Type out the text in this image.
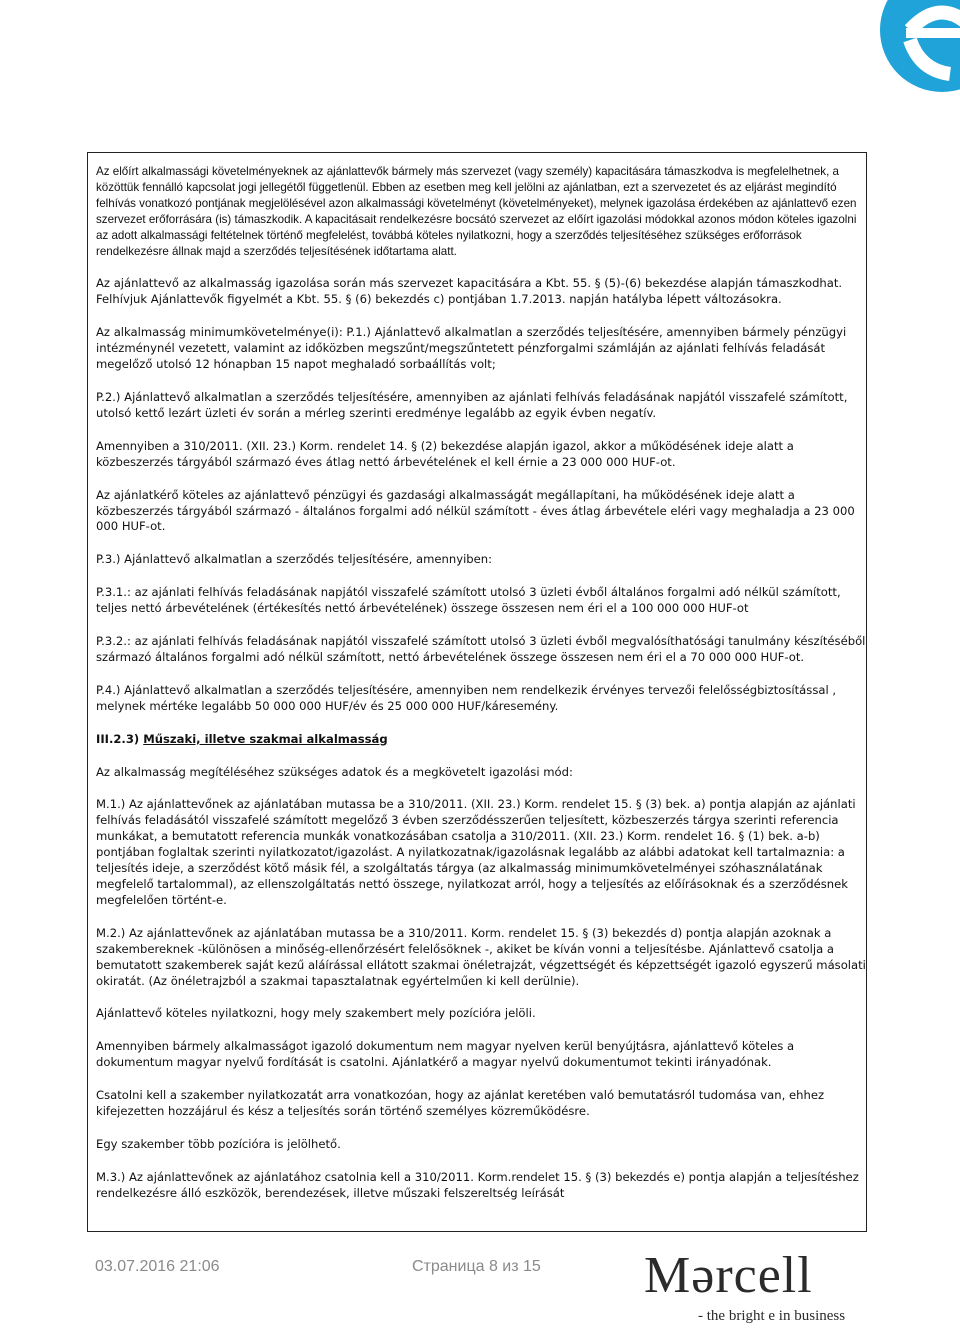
Az előírt alkalmassági követelményeknek az ajánlattevők bármely más szervezet (vagy személy) kapacitására támaszkodva is megfelelhetnek, a közöttük fennálló kapcsolat jogi jellegétől függetlenül. Ebben az esetben meg kell jelölni az ajánlatban, ezt a szervezetet és az eljárást megindító felhívás vonatkozó pontjának megjelölésével azon alkalmassági követelményt (követelményeket), melynek igazolása érdekében az ajánlattevő ezen szervezet erőforrására (is) támaszkodik. A kapacitásait rendelkezésre bocsátó szervezet az előírt igazolási módokkal azonos módon köteles igazolni az adott alkalmassági feltételnek történő megfelelést, továbbá köteles nyilatkozni, hogy a szerződés teljesítéséhez szükséges erőforrások rendelkezésre állnak majd a szerződés teljesítésének időtartama alatt.

Az ajánlattevő az alkalmasság igazolása során más szervezet kapacitására a Kbt. 55. § (5)-(6) bekezdése alapján támaszkodhat. Felhívjuk Ajánlattevők figyelmét a Kbt. 55. § (6) bekezdés c) pontjában 1.7.2013. napján hatályba lépett változásokra.

Az alkalmasság minimumkövetelménye(i): P.1.) Ajánlattevő alkalmatlan a szerződés teljesítésére, amennyiben bármely pénzügyi intézménynél vezetett, valamint az időközben megszűnt/megszűntetett pénzforgalmi számláján az ajánlati felhívás feladását megelőző utolsó 12 hónapban 15 napot meghaladó sorbaállítás volt;

P.2.) Ajánlattevő alkalmatlan a szerződés teljesítésére, amennyiben az ajánlati felhívás feladásának napjától visszafelé számított, utolsó kettő lezárt üzleti év során a mérleg szerinti eredménye legalább az egyik évben negatív.

Amennyiben a 310/2011. (XII. 23.) Korm. rendelet 14. § (2) bekezdése alapján igazol, akkor a működésének ideje alatt a közbeszerzés tárgyából származó éves átlag nettó árbevételének el kell érnie a 23 000 000 HUF-ot.

Az ajánlatkérő köteles az ajánlattevő pénzügyi és gazdasági alkalmasságát megállapítani, ha működésének ideje alatt a közbeszerzés tárgyából származó - általános forgalmi adó nélkül számított - éves átlag árbevétele eléri vagy meghaladja a 23 000 000 HUF-ot.

P.3.) Ajánlattevő alkalmatlan a szerződés teljesítésére, amennyiben:

P.3.1.: az ajánlati felhívás feladásának napjától visszafelé számított utolsó 3 üzleti évből általános forgalmi adó nélkül számított, teljes nettó árbevételének (értékesítés nettó árbevételének) összege összesen nem éri el a 100 000 000 HUF-ot

P.3.2.: az ajánlati felhívás feladásának napjától visszafelé számított utolsó 3 üzleti évből megvalósíthatósági tanulmány készítéséből származó általános forgalmi adó nélkül számított, nettó árbevételének összege összesen nem éri el a 70 000 000 HUF-ot.

P.4.) Ajánlattevő alkalmatlan a szerződés teljesítésére, amennyiben nem rendelkezik érvényes tervezői felelősségbiztosítással , melynek mértéke legalább 50 000 000 HUF/év és 25 000 000 HUF/káresemény.

III.2.3) Műszaki, illetve szakmai alkalmasság

Az alkalmasság megítéléséhez szükséges adatok és a megkövetelt igazolási mód:

M.1.) Az ajánlattevőnek az ajánlatában mutassa be a 310/2011. (XII. 23.) Korm. rendelet 15. § (3) bek. a) pontja alapján az ajánlati felhívás feladásától visszafelé számított megelőző 3 évben szerződésszerűen teljesített, közbeszerzés tárgya szerinti referencia munkákat, a bemutatott referencia munkák vonatkozásában csatolja a 310/2011. (XII. 23.) Korm. rendelet 16. § (1) bek. a-b) pontjában foglaltak szerinti nyilatkozatot/igazolást. A nyilatkozatnak/igazolásnak legalább az alábbi adatokat kell tartalmaznia: a teljesítés ideje, a szerződést kötő másik fél, a szolgáltatás tárgya (az alkalmasság minimumkövetelményei szóhasználatának megfelelő tartalommal), az ellenszolgáltatás nettó összege, nyilatkozat arról, hogy a teljesítés az előírásoknak és a szerződésnek megfelelően történt-e.

M.2.) Az ajánlattevőnek az ajánlatában mutassa be a 310/2011. Korm. rendelet 15. § (3) bekezdés d) pontja alapján azoknak a szakembereknek -különösen a minőség-ellenőrzésért felelősöknek -, akiket be kíván vonni a teljesítésbe. Ajánlattevő csatolja a bemutatott szakemberek saját kezű aláírással ellátott szakmai önéletrajzát, végzettségét és képzettségét igazoló egyszerű másolati okiratát. (Az önéletrajzból a szakmai tapasztalatnak egyértelműen ki kell derülnie).

Ajánlattevő köteles nyilatkozni, hogy mely szakembert mely pozícióra jelöli.

Amennyiben bármely alkalmasságot igazoló dokumentum nem magyar nyelven kerül benyújtásra, ajánlattevő köteles a dokumentum magyar nyelvű fordítását is csatolni. Ajánlatkérő a magyar nyelvű dokumentumot tekinti irányadónak.

Csatolni kell a szakember nyilatkozatát arra vonatkozóan, hogy az ajánlat keretében való bemutatásról tudomása van, ehhez kifejezetten hozzájárul és kész a teljesítés során történő személyes közreműködésre.

Egy szakember több pozícióra is jelölhető.

M.3.) Az ajánlattevőnek az ajánlatához csatolnia kell a 310/2011. Korm.rendelet 15. § (3) bekezdés e) pontja alapján a teljesítéshez rendelkezésre álló eszközök, berendezések, illetve műszaki felszereltség leírását

03.07.2016 21:06	Страница 8 из 15 Mǝrcell
- the bright e in business
